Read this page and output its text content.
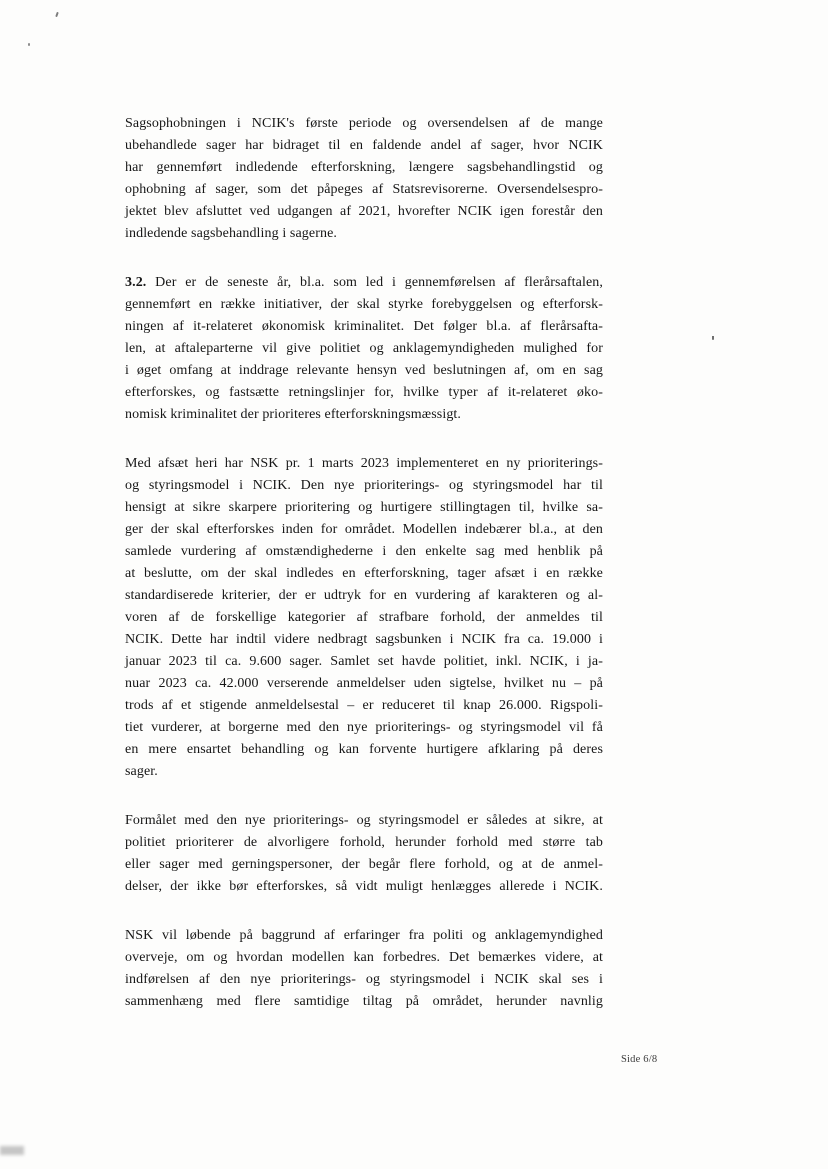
Sagsophobningen i NCIK's første periode og oversendelsen af de mange
ubehandlede sager har bidraget til en faldende andel af sager, hvor NCIK
har gennemført indledende efterforskning, længere sagsbehandlingstid og
ophobning af sager, som det påpeges af Statsrevisorerne. Oversendelsespro-
jektet blev afsluttet ved udgangen af 2021, hvorefter NCIK igen forestår den
indledende sagsbehandling i sagerne.
3.2. Der er de seneste år, bl.a. som led i gennemførelsen af flerårsaftalen,
gennemført en række initiativer, der skal styrke forebyggelsen og efterforsk-
ningen af it-relateret økonomisk kriminalitet. Det følger bl.a. af flerårsafta-
len, at aftaleparterne vil give politiet og anklagemyndigheden mulighed for
i øget omfang at inddrage relevante hensyn ved beslutningen af, om en sag
efterforskes, og fastsætte retningslinjer for, hvilke typer af it-relateret øko-
nomisk kriminalitet der prioriteres efterforskningsmæssigt.
Med afsæt heri har NSK pr. 1 marts 2023 implementeret en ny prioriterings-
og styringsmodel i NCIK. Den nye prioriterings- og styringsmodel har til
hensigt at sikre skarpere prioritering og hurtigere stillingtagen til, hvilke sa-
ger der skal efterforskes inden for området. Modellen indebærer bl.a., at den
samlede vurdering af omstændighederne i den enkelte sag med henblik på
at beslutte, om der skal indledes en efterforskning, tager afsæt i en række
standardiserede kriterier, der er udtryk for en vurdering af karakteren og al-
voren af de forskellige kategorier af strafbare forhold, der anmeldes til
NCIK. Dette har indtil videre nedbragt sagsbunken i NCIK fra ca. 19.000 i
januar 2023 til ca. 9.600 sager. Samlet set havde politiet, inkl. NCIK, i ja-
nuar 2023 ca. 42.000 verserende anmeldelser uden sigtelse, hvilket nu – på
trods af et stigende anmeldelsestal – er reduceret til knap 26.000. Rigspoli-
tiet vurderer, at borgerne med den nye prioriterings- og styringsmodel vil få
en mere ensartet behandling og kan forvente hurtigere afklaring på deres
sager.
Formålet med den nye prioriterings- og styringsmodel er således at sikre, at
politiet prioriterer de alvorligere forhold, herunder forhold med større tab
eller sager med gerningspersoner, der begår flere forhold, og at de anmel-
delser, der ikke bør efterforskes, så vidt muligt henlægges allerede i NCIK.
NSK vil løbende på baggrund af erfaringer fra politi og anklagemyndighed
overveje, om og hvordan modellen kan forbedres. Det bemærkes videre, at
indførelsen af den nye prioriterings- og styringsmodel i NCIK skal ses i
sammenhæng med flere samtidige tiltag på området, herunder navnlig
Side 6/8
